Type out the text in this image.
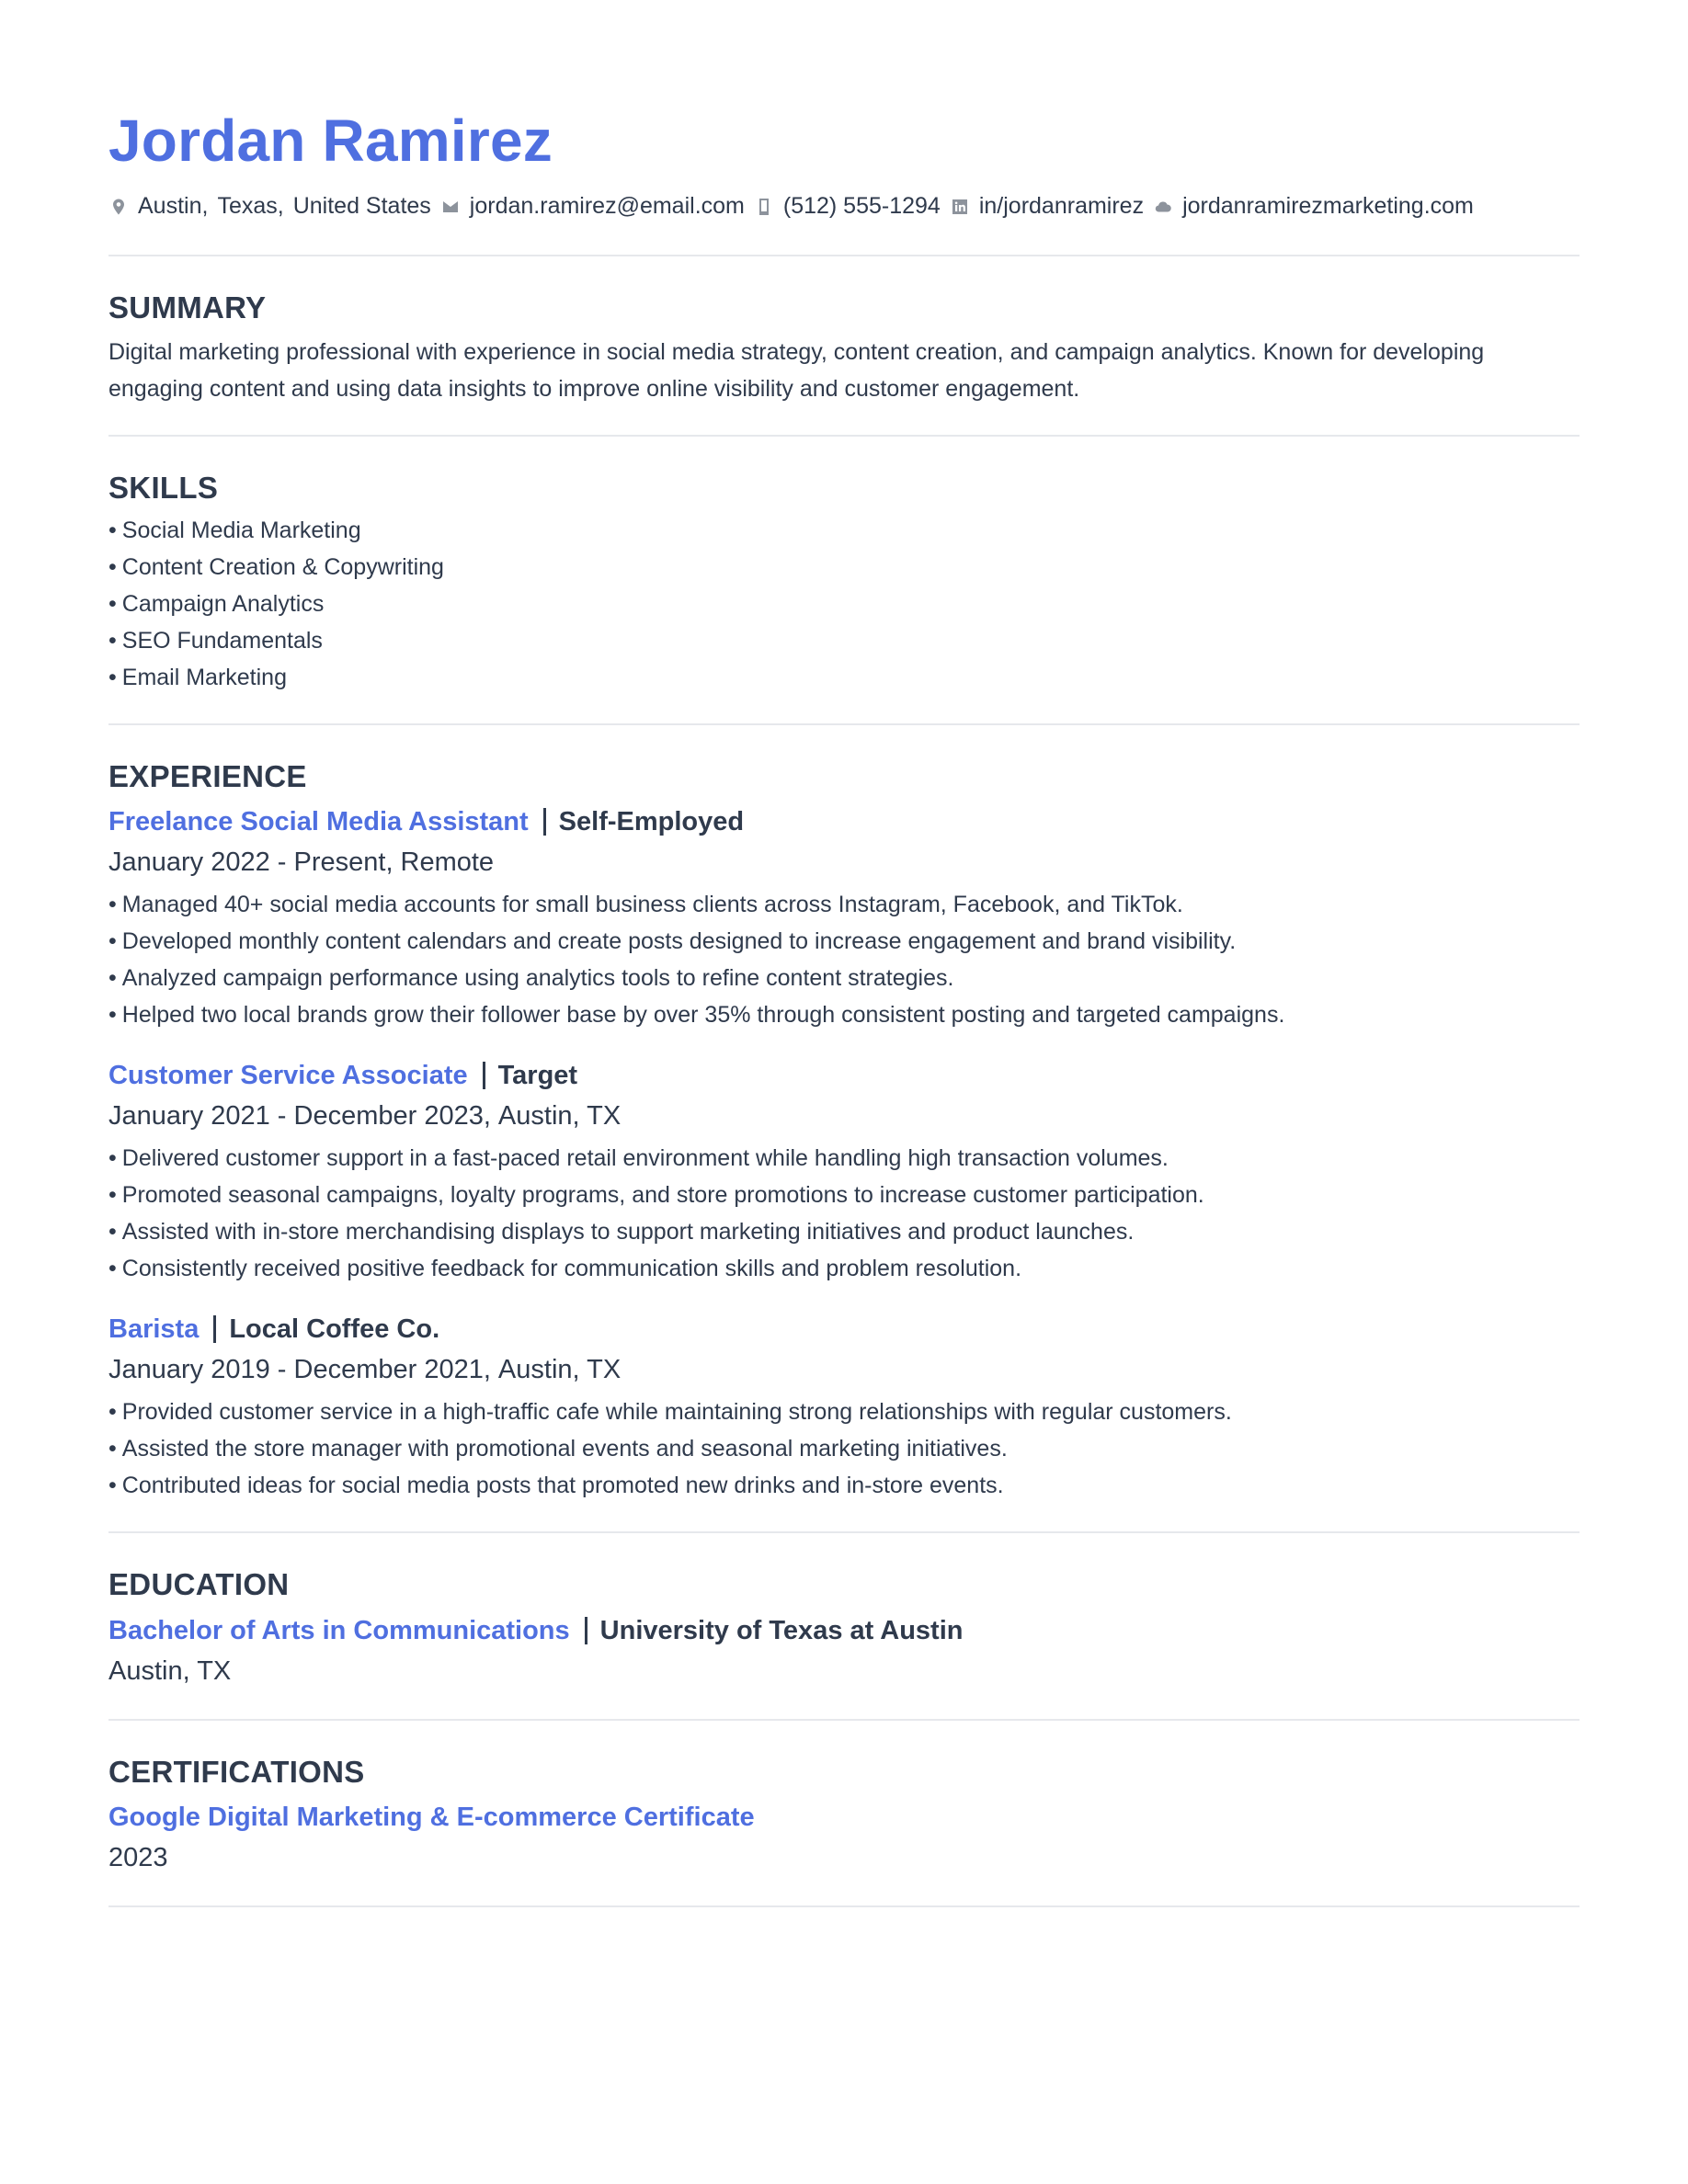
Jordan Ramirez
Austin, Texas, United States jordan.ramirez@email.com (512) 555-1294 in/jordanramirez jordanramirezmarketing.com
SUMMARY

Digital marketing professional with experience in social media strategy, content creation, and campaign analytics. Known for developing engaging content and using data insights to improve online visibility and customer engagement.

SKILLS
• Social Media Marketing
• Content Creation & Copywriting
• Campaign Analytics
• SEO Fundamentals
• Email Marketing
EXPERIENCE
Freelance Social Media Assistant Self-Employed
January 2022 - Present, Remote
• Managed 40+ social media accounts for small business clients across Instagram, Facebook, and TikTok.
• Developed monthly content calendars and create posts designed to increase engagement and brand visibility.
• Analyzed campaign performance using analytics tools to refine content strategies.
• Helped two local brands grow their follower base by over 35% through consistent posting and targeted campaigns.
Customer Service Associate Target
January 2021 - December 2023, Austin, TX
• Delivered customer support in a fast-paced retail environment while handling high transaction volumes.
• Promoted seasonal campaigns, loyalty programs, and store promotions to increase customer participation.
• Assisted with in-store merchandising displays to support marketing initiatives and product launches.
• Consistently received positive feedback for communication skills and problem resolution.
Barista Local Coffee Co.
January 2019 - December 2021, Austin, TX
• Provided customer service in a high-traffic cafe while maintaining strong relationships with regular customers.
• Assisted the store manager with promotional events and seasonal marketing initiatives.
• Contributed ideas for social media posts that promoted new drinks and in-store events.
EDUCATION
Bachelor of Arts in Communications University of Texas at Austin
Austin, TX
CERTIFICATIONS
Google Digital Marketing & E-commerce Certificate
2023
